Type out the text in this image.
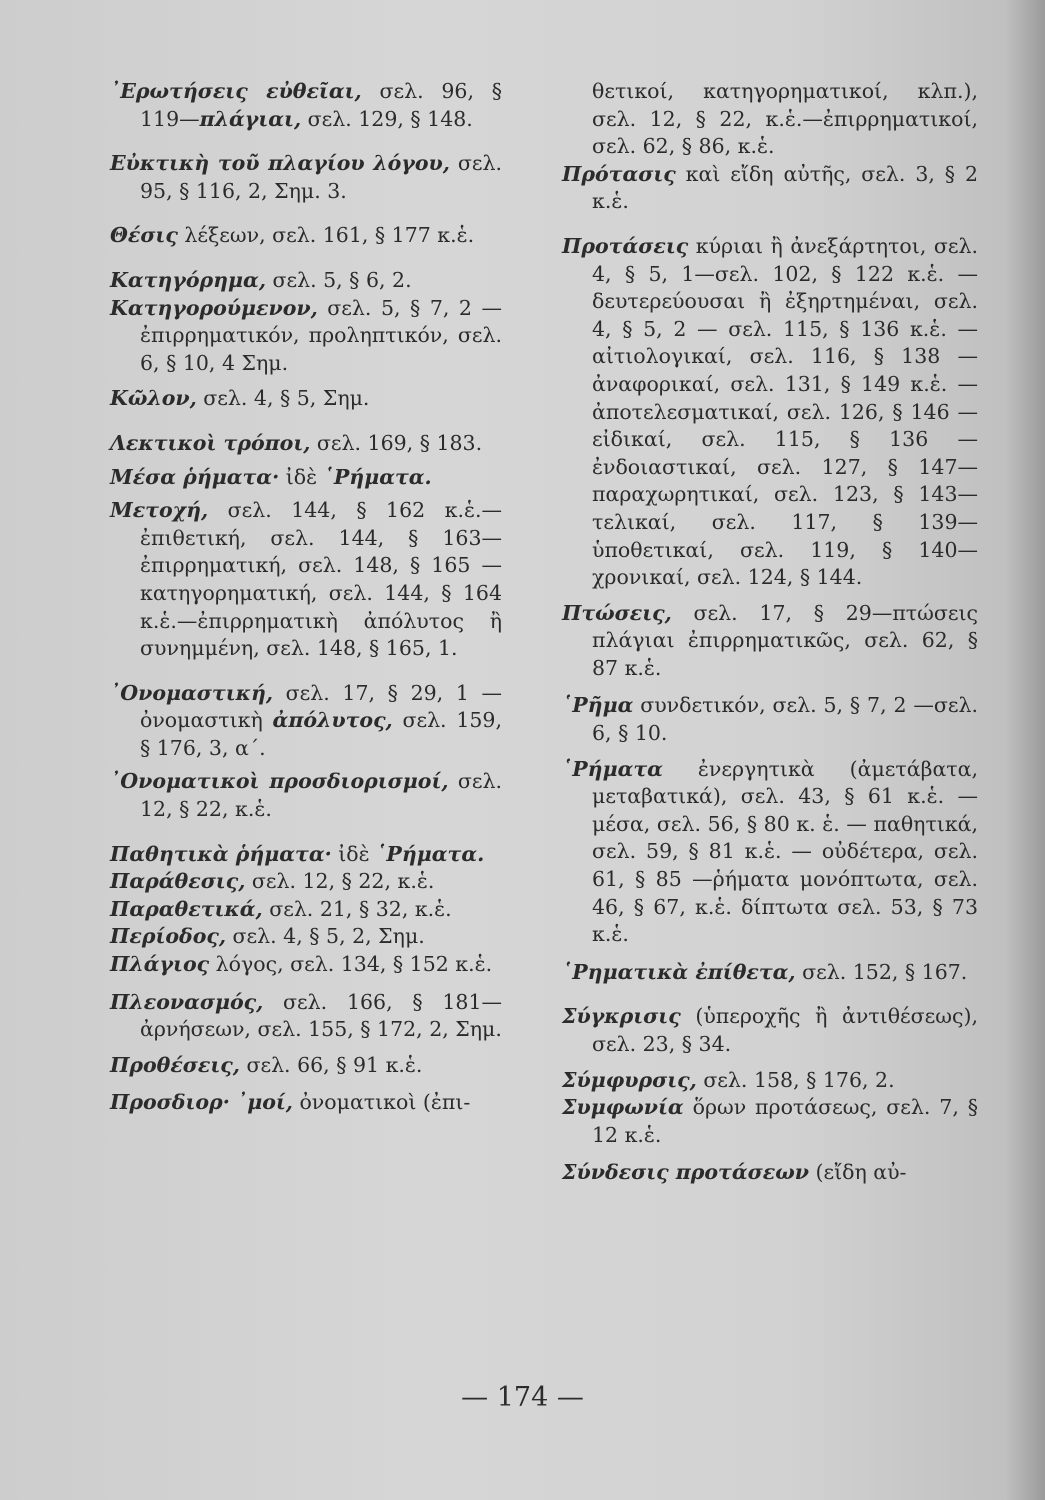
᾿Ερωτήσεις εὐθεῖαι, σελ. 96, § 119—πλάγιαι, σελ. 129, § 148.

Εὐκτικὴ τοῦ πλαγίου λόγου, σελ. 95, § 116, 2, Σημ. 3.

Θέσις λέξεων, σελ. 161, § 177 κ.ἑ.

Κατηγόρημα, σελ. 5, § 6, 2.

Κατηγορούμενον, σελ. 5, § 7, 2 —ἐπιρρηματικόν, προληπτικόν, σελ. 6, § 10, 4 Σημ.

Κῶλον, σελ. 4, § 5, Σημ.

Λεκτικοὶ τρόποι, σελ. 169, § 183.

Μέσα ῥήματα· ἰδὲ ῾Ρήματα.

Μετοχή, σελ. 144, § 162 κ.ἑ.—ἐπιθετική, σελ. 144, § 163—ἐπιρρηματική, σελ. 148, § 165 —κατηγορηματική, σελ. 144, § 164 κ.ἑ.—ἐπιρρηματικὴ ἀπόλυτος ἢ συνημμένη, σελ. 148, § 165, 1.

᾿Ονομαστική, σελ. 17, § 29, 1 — ὀνομαστικὴ ἀπόλυτος, σελ. 159, § 176, 3, α΄.

᾿Ονοματικοὶ προσδιορισμοί, σελ. 12, § 22, κ.ἑ.

Παθητικὰ ῥήματα· ἰδὲ ῾Ρήματα.

Παράθεσις, σελ. 12, § 22, κ.ἑ.

Παραθετικά, σελ. 21, § 32, κ.ἑ.

Περίοδος, σελ. 4, § 5, 2, Σημ.

Πλάγιος λόγος, σελ. 134, § 152 κ.ἑ.

Πλεονασμός, σελ. 166, § 181—ἀρνήσεων, σελ. 155, § 172, 2, Σημ.

Προθέσεις, σελ. 66, § 91 κ.ἑ.

Προσδιορ· ᾿μοί, ὀνοματικοὶ (ἐπι-

θετικοί, κατηγορηματικοί, κλπ.), σελ. 12, § 22, κ.ἑ.—ἐπιρρηματικοί, σελ. 62, § 86, κ.ἑ.

Πρότασις καὶ εἴδη αὐτῆς, σελ. 3, § 2 κ.ἑ.

Προτάσεις κύριαι ἢ ἀνεξάρτητοι, σελ. 4, § 5, 1—σελ. 102, § 122 κ.ἑ. — δευτερεύουσαι ἢ ἐξηρτημέναι, σελ. 4, § 5, 2 — σελ. 115, § 136 κ.ἑ. — αἰτιολογικαί, σελ. 116, § 138 — ἀναφορικαί, σελ. 131, § 149 κ.ἑ. — ἀποτελεσματικαί, σελ. 126, § 146 — εἰδικαί, σελ. 115, § 136 — ἐνδοιαστικαί, σελ. 127, § 147—παραχωρητικαί, σελ. 123, § 143—τελικαί, σελ. 117, § 139—ὑποθετικαί, σελ. 119, § 140—χρονικαί, σελ. 124, § 144.

Πτώσεις, σελ. 17, § 29—πτώσεις πλάγιαι ἐπιρρηματικῶς, σελ. 62, § 87 κ.ἑ.

῾Ρῆμα συνδετικόν, σελ. 5, § 7, 2 —σελ. 6, § 10.

῾Ρήματα ἐνεργητικὰ (ἀμετάβατα, μεταβατικά), σελ. 43, § 61 κ.ἑ. — μέσα, σελ. 56, § 80 κ. ἑ. — παθητικά, σελ. 59, § 81 κ.ἑ. — οὐδέτερα, σελ. 61, § 85 —ῥήματα μονόπτωτα, σελ. 46, § 67, κ.ἑ. δίπτωτα σελ. 53, § 73 κ.ἑ.

῾Ρηματικὰ ἐπίθετα, σελ. 152, § 167.

Σύγκρισις (ὑπεροχῆς ἢ ἀντιθέσεως), σελ. 23, § 34.

Σύμφυρσις, σελ. 158, § 176, 2.

Συμφωνία ὅρων προτάσεως, σελ. 7, § 12 κ.ἑ.

Σύνδεσις προτάσεων (εἴδη αὐ-

— 174 —
